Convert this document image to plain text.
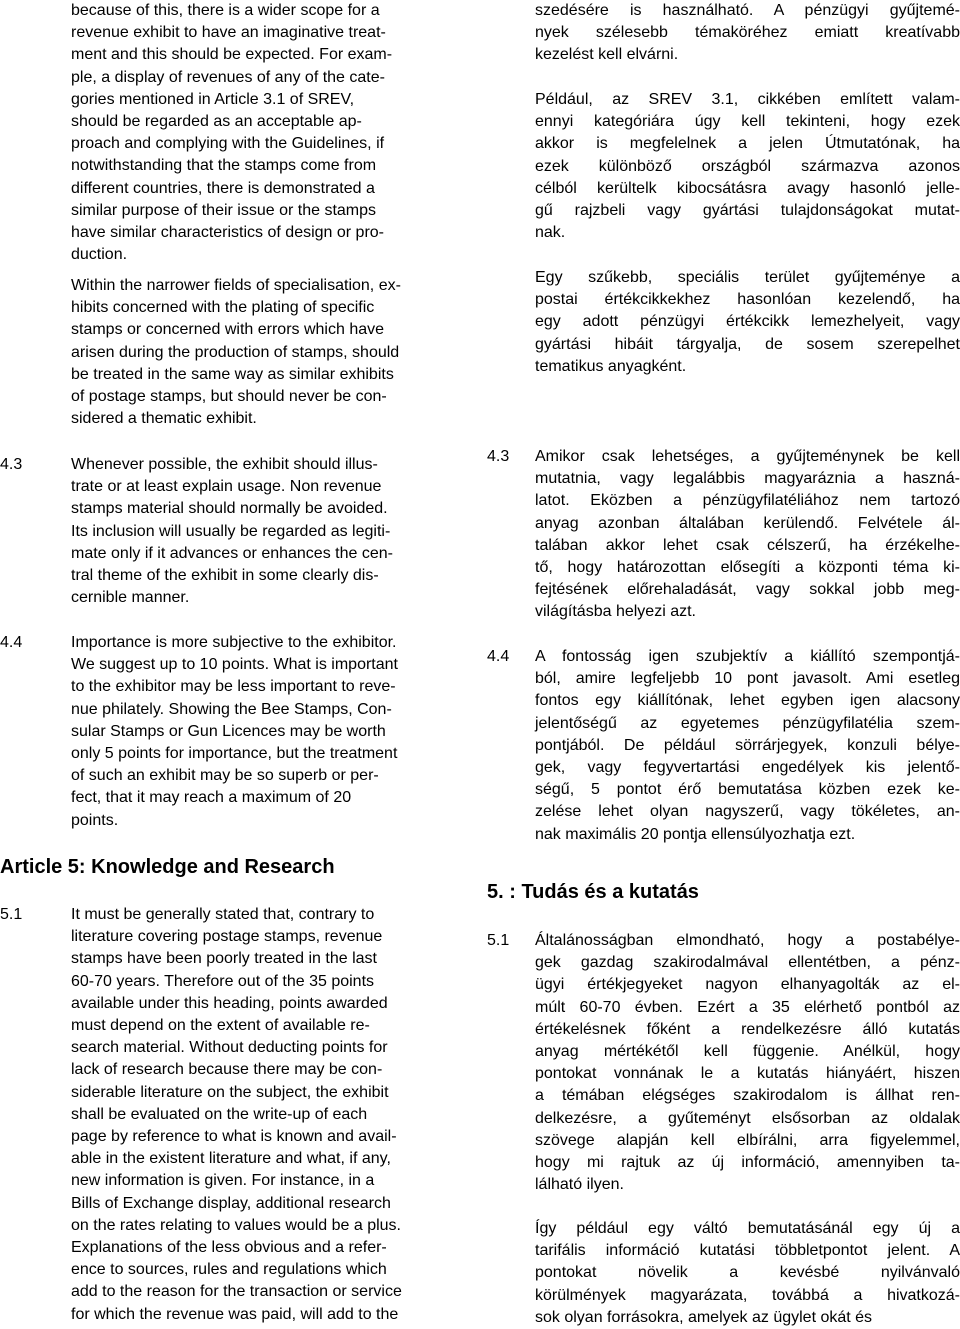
because of this, there is a wider scope for a
revenue exhibit to have an imaginative treat-
ment and this should be expected. For exam-
ple, a display of revenues of any of the cate-
gories mentioned in Article 3.1 of SREV,
should be regarded as an acceptable ap-
proach and complying with the Guidelines, if
notwithstanding that the stamps come from
different countries, there is demonstrated a
similar purpose of their issue or the stamps
have similar characteristics of design or pro-
duction.
Within the narrower fields of specialisation, ex-
hibits concerned with the plating of specific
stamps or concerned with errors which have
arisen during the production of stamps, should
be treated in the same way as similar exhibits
of postage stamps, but should never be con-
sidered a thematic exhibit.
4.3	Whenever possible, the exhibit should illus-
trate or at least explain usage. Non revenue
stamps material should normally be avoided.
Its inclusion will usually be regarded as legiti-
mate only if it advances or enhances the cen-
tral theme of the exhibit in some clearly dis-
cernible manner.
4.4	Importance is more subjective to the exhibitor.
We suggest up to 10 points. What is important
to the exhibitor may be less important to reve-
nue philately. Showing the Bee Stamps, Con-
sular Stamps or Gun Licences may be worth
only 5 points for importance, but the treatment
of such an exhibit may be so superb or per-
fect, that it may reach a maximum of 20
points.
Article 5: Knowledge and Research
5.1	It must be generally stated that, contrary to
literature covering postage stamps, revenue
stamps have been poorly treated in the last
60-70 years. Therefore out of the 35 points
available under this heading, points awarded
must depend on the extent of available re-
search material. Without deducting points for
lack of research because there may be con-
siderable literature on the subject, the exhibit
shall be evaluated on the write-up of each
page by reference to what is known and avail-
able in the existent literature and what, if any,
new information is given. For instance, in a
Bills of Exchange display, additional research
on the rates relating to values would be a plus.
Explanations of the less obvious and a refer-
ence to sources, rules and regulations which
add to the reason for the transaction or service
for which the revenue was paid, will add to the
szedésére is használható. A pénzügyi gyűjtemé-
nyek szélesebb témaköréhez emiatt kreatívabb
kezelést kell elvárni.
Például, az SREV 3.1, cikkében említett valam-
ennyi kategóriára úgy kell tekinteni, hogy ezek
akkor is megfelelnek a jelen Útmutatónak, ha
ezek különböző országból származva azonos
célból kerültelk kibocsátásra avagy hasonló jelle-
gű rajzbeli vagy gyártási tulajdonságokat mutat-
nak.
Egy szűkebb, speciális terület gyűjteménye a
postai értékcikkekhez hasonlóan kezelendő, ha
egy adott pénzügyi értékcikk lemezhelyeit, vagy
gyártási hibáit tárgyalja, de sosem szerepelhet
tematikus anyagként.
4.3 Amikor csak lehetséges, a gyűjteménynek be kell
mutatnia, vagy legalábbis magyaráznia a haszná-
latot. Eközben a pénzügyfilatéliához nem tartozó
anyag azonban általában kerülendő. Felvétele ál-
talában akkor lehet csak célszerű, ha érzékelhe-
tő, hogy határozottan elősegíti a központi téma ki-
fejtésének előrehaladását, vagy sokkal jobb meg-
világításba helyezi azt.
4.4 A fontosság igen szubjektív a kiállító szempontjá-
ból, amire legfeljebb 10 pont javasolt. Ami esetleg
fontos egy kiállítónak, lehet egyben igen alacsony
jelentőségű az egyetemes pénzügyfilatélia szem-
pontjából. De például sörrárjegyek, konzuli bélye-
gek, vagy fegyvertartási engedélyek kis jelentő-
ségű, 5 pontot érő bemutatása közben ezek ke-
zelése lehet olyan nagyszerű, vagy tökéletes, an-
nak maximális 20 pontja ellensúlyozhatja ezt.
5. : Tudás és a kutatás
5.1 Általánosságban elmondható, hogy a postabélye-
gek gazdag szakirodalmával ellentétben, a pénz-
ügyi értékjegyeket nagyon elhanyagolták az el-
múlt 60-70 évben. Ezért a 35 elérhető pontból az
értékelésnek főként a rendelkezésre álló kutatás
anyag mértékétől kell függenie. Anélkül, hogy
pontokat vonnának le a kutatás hiányáért, hiszen
a témában elégséges szakirodalom is állhat ren-
delkezésre, a gyűteményt elsősorban az oldalak
szövege alapján kell elbírálni, arra figyelemmel,
hogy mi rajtuk az új információ, amennyiben ta-
lálható ilyen.
Így például egy váltó bemutatásánál egy új a
tarifális információ kutatási többletpontot jelent. A
pontokat növelik a kevésbé nyilvánvaló
körülmények magyarázata, továbbá a hivatkozá-
sok olyan forrásokra, amelyek az ügylet okát és
